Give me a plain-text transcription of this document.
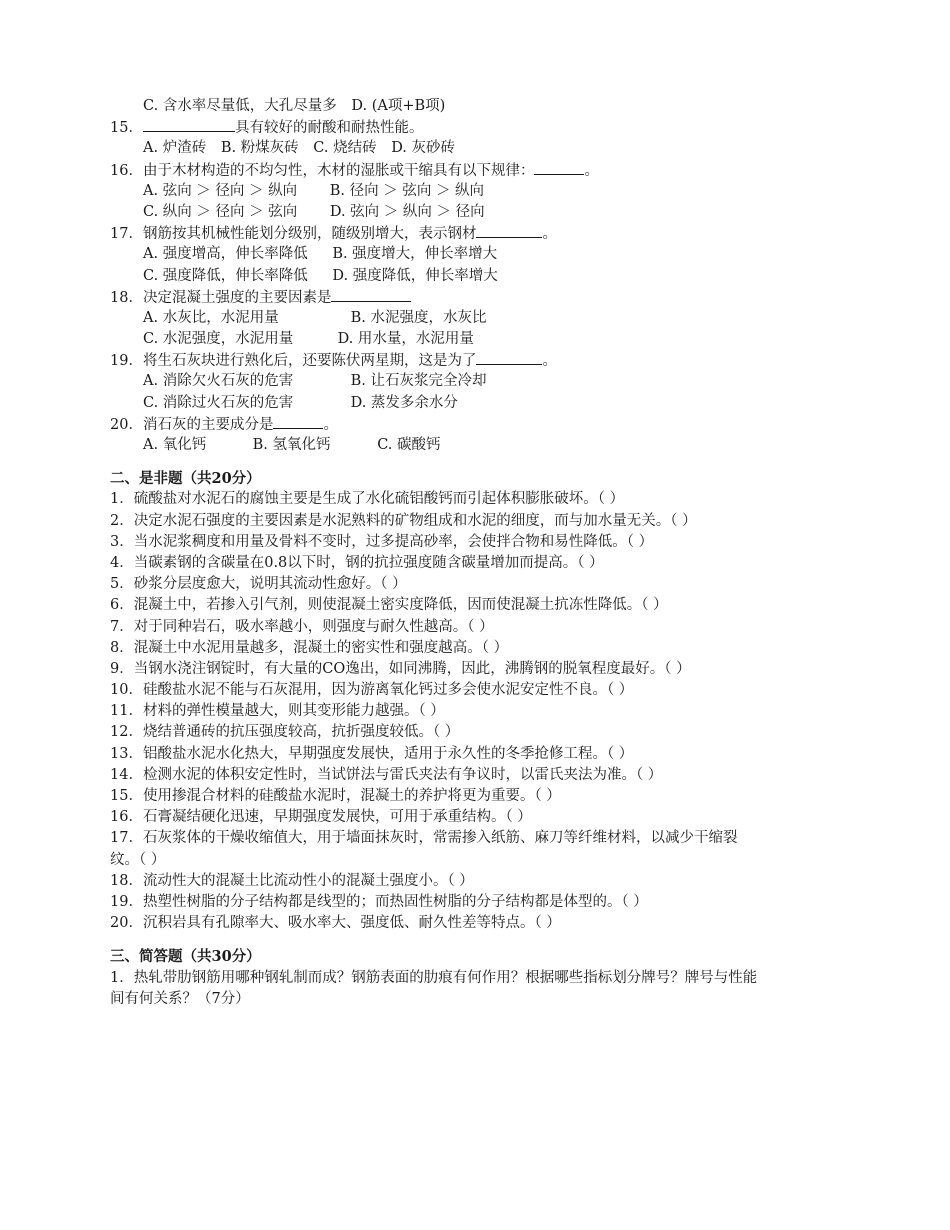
C. 含水率尽量低，大孔尽量多 D. (A项+B项)
15．	具有较好的耐酸和耐热性能。
A. 炉渣砖 B. 粉煤灰砖 C. 烧结砖 D. 灰砂砖
16．由于木材构造的不均匀性，木材的湿胀或干缩具有以下规律：	。
A. 弦向 ＞ 径向 ＞ 纵向 B. 径向 ＞ 弦向 ＞ 纵向
C. 纵向 ＞ 径向 ＞ 弦向 D. 弦向 ＞ 纵向 ＞ 径向
17．钢筋按其机械性能划分级别，随级别增大，表示钢材	。
A. 强度增高，伸长率降低 B. 强度增大，伸长率增大
C. 强度降低，伸长率降低 D. 强度降低，伸长率增大
18．决定混凝土强度的主要因素是
A. 水灰比，水泥用量	B. 水泥强度，水灰比
C. 水泥强度，水泥用量	D. 用水量，水泥用量
19．将生石灰块进行熟化后，还要陈伏两星期，这是为了	。
A. 消除欠火石灰的危害	B. 让石灰浆完全冷却
C. 消除过火石灰的危害	D. 蒸发多余水分
20．消石灰的主要成分是	。
A. 氧化钙	B. 氢氧化钙	C. 碳酸钙
二、是非题（共20分）
1．硫酸盐对水泥石的腐蚀主要是生成了水化硫铝酸钙而引起体积膨胀破坏。（ ）
2．决定水泥石强度的主要因素是水泥熟料的矿物组成和水泥的细度，而与加水量无关。（ ）
3．当水泥浆稠度和用量及骨料不变时，过多提高砂率，会使拌合物和易性降低。（ ）
4．当碳素钢的含碳量在0.8以下时，钢的抗拉强度随含碳量增加而提高。（ ）
5．砂浆分层度愈大，说明其流动性愈好。（ ）
6．混凝土中，若掺入引气剂，则使混凝土密实度降低，因而使混凝土抗冻性降低。（ ）
7．对于同种岩石，吸水率越小，则强度与耐久性越高。（ ）
8．混凝土中水泥用量越多，混凝土的密实性和强度越高。（ ）
9．当钢水浇注钢锭时，有大量的CO逸出，如同沸腾，因此，沸腾钢的脱氧程度最好。（ ）
10．硅酸盐水泥不能与石灰混用，因为游离氧化钙过多会使水泥安定性不良。（ ）
11．材料的弹性模量越大，则其变形能力越强。（ ）
12．烧结普通砖的抗压强度较高，抗折强度较低。（ ）
13．铝酸盐水泥水化热大，早期强度发展快，适用于永久性的冬季抢修工程。（ ）
14．检测水泥的体积安定性时，当试饼法与雷氏夹法有争议时，以雷氏夹法为准。（ ）
15．使用掺混合材料的硅酸盐水泥时，混凝土的养护将更为重要。（ ）
16．石膏凝结硬化迅速，早期强度发展快，可用于承重结构。（ ）
17．石灰浆体的干燥收缩值大，用于墙面抹灰时，常需掺入纸筋、麻刀等纤维材料，以减少干缩裂
纹。（ ）
18．流动性大的混凝土比流动性小的混凝土强度小。（ ）
19．热塑性树脂的分子结构都是线型的；而热固性树脂的分子结构都是体型的。（ ）
20．沉积岩具有孔隙率大、吸水率大、强度低、耐久性差等特点。（ ）
三、简答题（共30分）
1．热轧带肋钢筋用哪种钢轧制而成？钢筋表面的肋痕有何作用？根据哪些指标划分牌号？牌号与性能
间有何关系？（7分）
